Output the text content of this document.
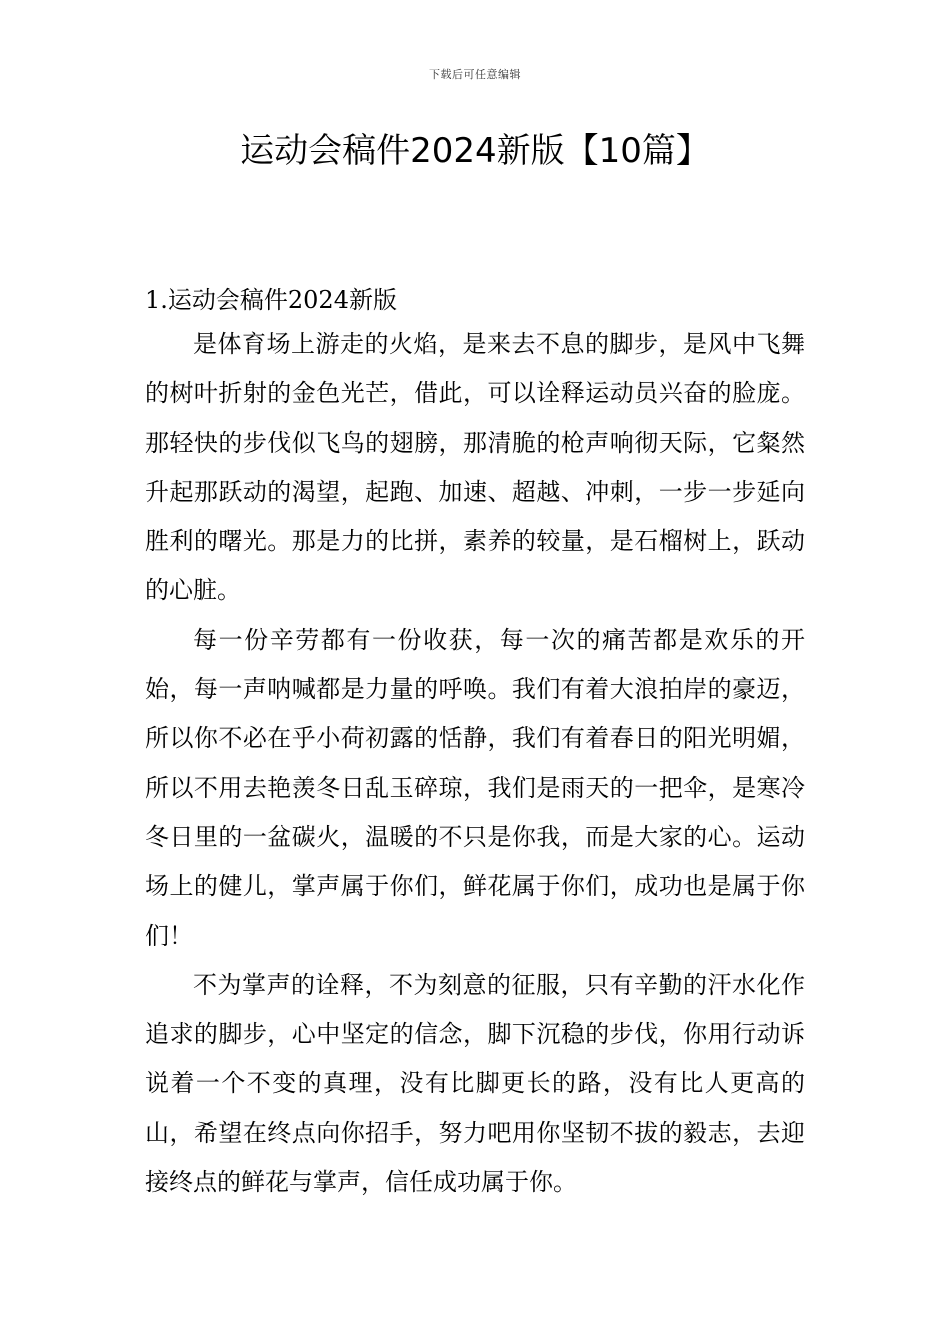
下载后可任意编辑
运动会稿件2024新版【10篇】
1.运动会稿件2024新版

是体育场上游走的火焰，是来去不息的脚步，是风中飞舞的树叶折射的金色光芒，借此，可以诠释运动员兴奋的脸庞。那轻快的步伐似飞鸟的翅膀，那清脆的枪声响彻天际，它粲然升起那跃动的渴望，起跑、加速、超越、冲刺，一步一步延向胜利的曙光。那是力的比拼，素养的较量，是石榴树上，跃动的心脏。

每一份辛劳都有一份收获，每一次的痛苦都是欢乐的开始，每一声呐喊都是力量的呼唤。我们有着大浪拍岸的豪迈，所以你不必在乎小荷初露的恬静，我们有着春日的阳光明媚，所以不用去艳羡冬日乱玉碎琼，我们是雨天的一把伞，是寒冷冬日里的一盆碳火，温暖的不只是你我，而是大家的心。运动场上的健儿，掌声属于你们，鲜花属于你们，成功也是属于你们！

不为掌声的诠释，不为刻意的征服，只有辛勤的汗水化作追求的脚步，心中坚定的信念，脚下沉稳的步伐，你用行动诉说着一个不变的真理，没有比脚更长的路，没有比人更高的山，希望在终点向你招手，努力吧用你坚韧不拔的毅志，去迎接终点的鲜花与掌声，信任成功属于你。
